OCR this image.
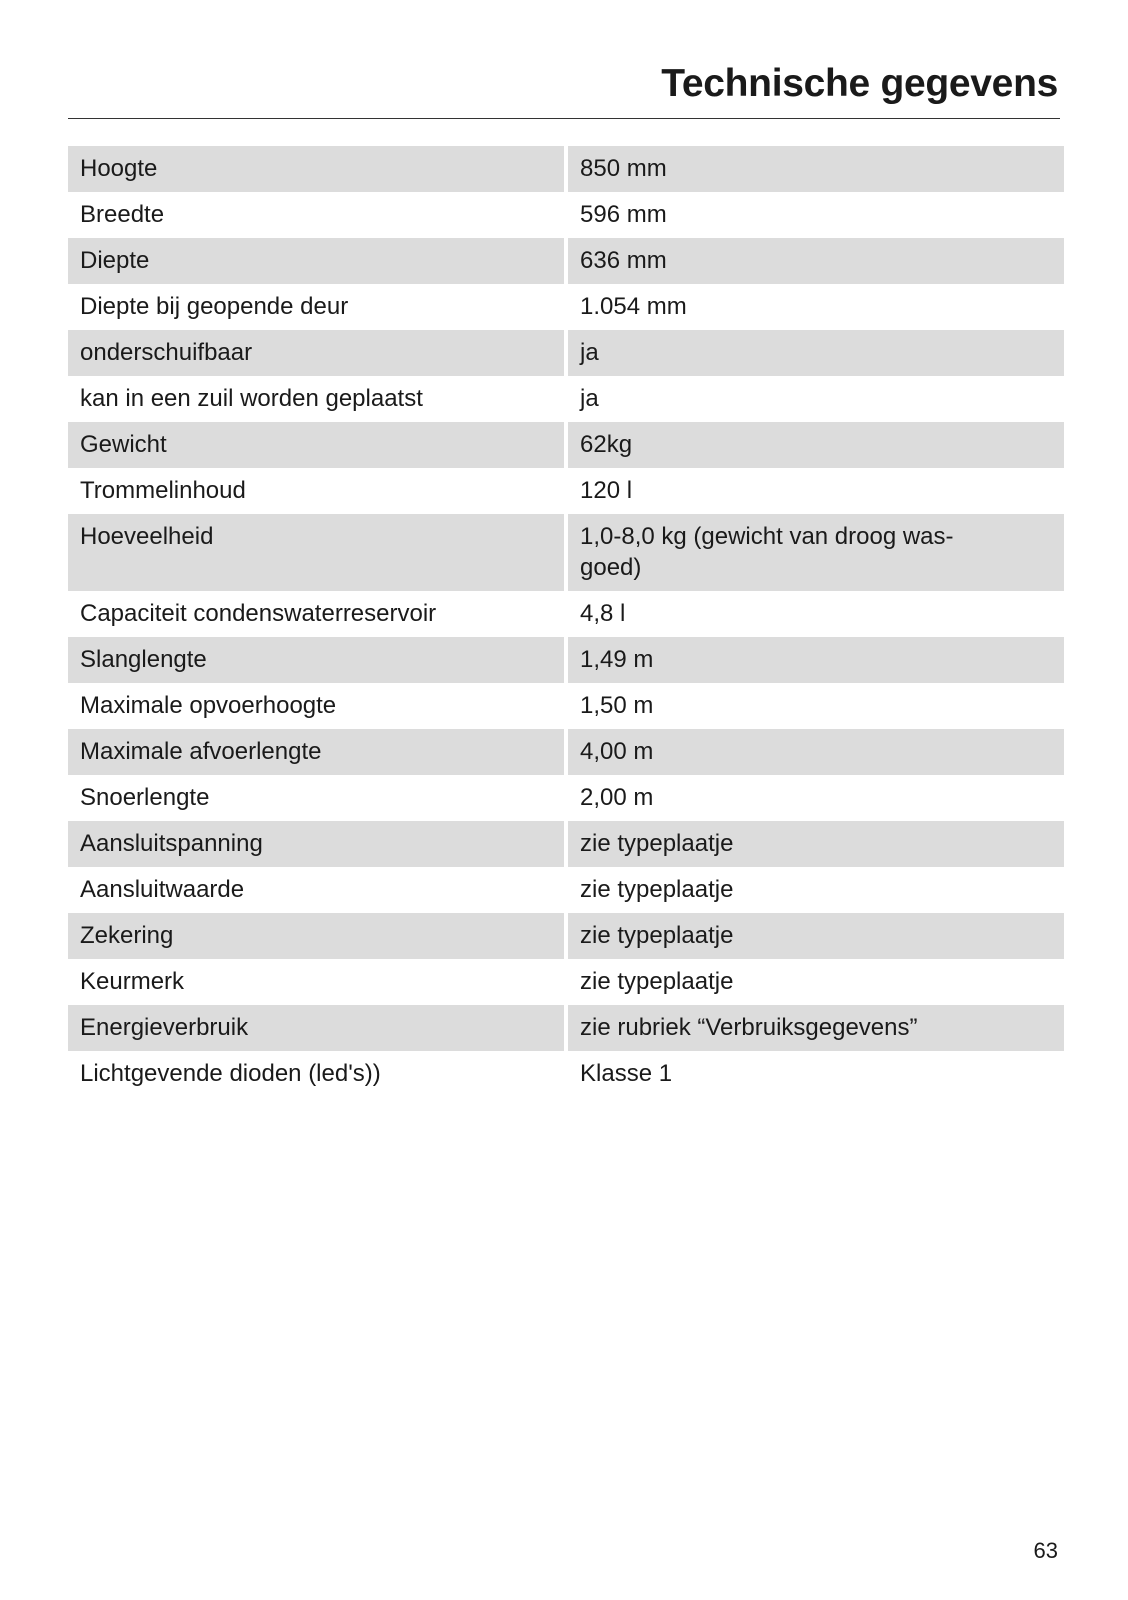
Technische gegevens
Hoogte	850 mm
Breedte	596 mm
Diepte	636 mm
Diepte bij geopende deur	1.054 mm
onderschuifbaar	ja
kan in een zuil worden geplaatst	ja
Gewicht	62kg
Trommelinhoud	120 l
Hoeveelheid	1,0-8,0 kg (gewicht van droog was-
goed)
Capaciteit condenswaterreservoir	4,8 l
Slanglengte	1,49 m
Maximale opvoerhoogte	1,50 m
Maximale afvoerlengte	4,00 m
Snoerlengte	2,00 m
Aansluitspanning	zie typeplaatje
Aansluitwaarde	zie typeplaatje
Zekering	zie typeplaatje
Keurmerk	zie typeplaatje
Energieverbruik	zie rubriek “Verbruiksgegevens”
Lichtgevende dioden (led's))	Klasse 1
63
